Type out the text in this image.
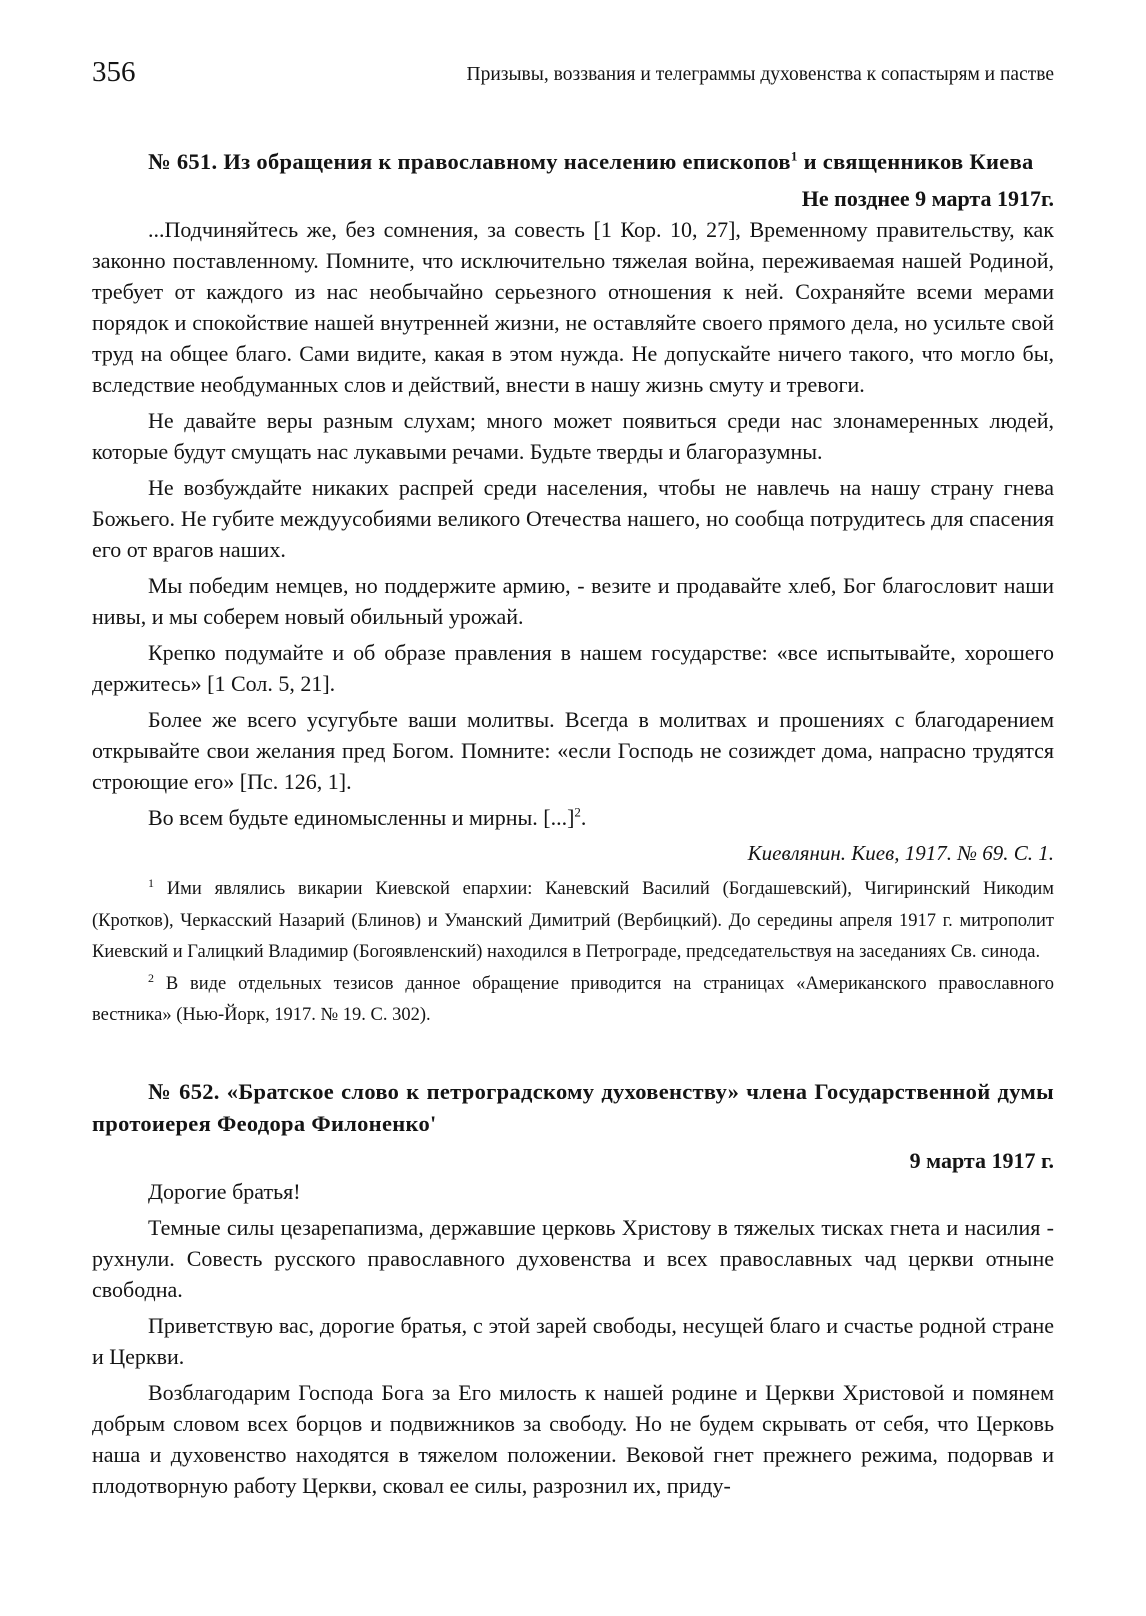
356	Призывы, воззвания и телеграммы духовенства к сопастырям и пастве

№ 651. Из обращения к православному населению епископов$^1$ и священников Киева

Не позднее 9 марта 1917г.

...Подчиняйтесь же, без сомнения, за совесть [1 Кор. 10, 27], Временному правительству, как законно поставленному. Помните, что исключительно тяжелая война, переживаемая нашей Родиной, требует от каждого из нас необычайно серьезного отношения к ней. Сохраняйте всеми мерами порядок и спокойствие нашей внутренней жизни, не оставляйте своего прямого дела, но усильте свой труд на общее благо. Сами видите, какая в этом нужда. Не допускайте ничего такого, что могло бы, вследствие необдуманных слов и действий, внести в нашу жизнь смуту и тревоги.

Не давайте веры разным слухам; много может появиться среди нас злонамеренных людей, которые будут смущать нас лукавыми речами. Будьте тверды и благоразумны.

Не возбуждайте никаких распрей среди населения, чтобы не навлечь на нашу страну гнева Божьего. Не губите междуусобиями великого Отечества нашего, но сообща потрудитесь для спасения его от врагов наших.

Мы победим немцев, но поддержите армию, - везите и продавайте хлеб, Бог благословит наши нивы, и мы соберем новый обильный урожай.

Крепко подумайте и об образе правления в нашем государстве: «все испытывайте, хорошего держитесь» [1 Сол. 5, 21].

Более же всего усугубьте ваши молитвы. Всегда в молитвах и прошениях с благодарением открывайте свои желания пред Богом. Помните: «если Господь не созиждет дома, напрасно трудятся строющие его» [Пс. 126, 1].

Во всем будьте единомысленны и мирны. [...]$^2$.

Киевлянин. Киев, 1917. № 69. С. 1.

$^1$ Ими являлись викарии Киевской епархии: Каневский Василий (Богдашевский), Чигиринский Никодим (Кротков), Черкасский Назарий (Блинов) и Уманский Димитрий (Вербицкий). До середины апреля 1917 г. митрополит Киевский и Галицкий Владимир (Богоявленский) находился в Петрограде, председательствуя на заседаниях Св. синода.

$^2$ В виде отдельных тезисов данное обращение приводится на страницах «Американского православного вестника» (Нью-Йорк, 1917. № 19. С. 302).

№ 652. «Братское слово к петроградскому духовенству» члена Государственной думы протоиерея Феодора Филоненко'

9 марта 1917 г.

Дорогие братья!

Темные силы цезарепапизма, державшие церковь Христову в тяжелых тисках гнета и насилия - рухнули. Совесть русского православного духовенства и всех православных чад церкви отныне свободна.

Приветствую вас, дорогие братья, с этой зарей свободы, несущей благо и счастье родной стране и Церкви.

Возблагодарим Господа Бога за Его милость к нашей родине и Церкви Христовой и помянем добрым словом всех борцов и подвижников за свободу. Но не будем скрывать от себя, что Церковь наша и духовенство находятся в тяжелом положении. Вековой гнет прежнего режима, подорвав и плодотворную работу Церкви, сковал ее силы, разрознил их, приду-
